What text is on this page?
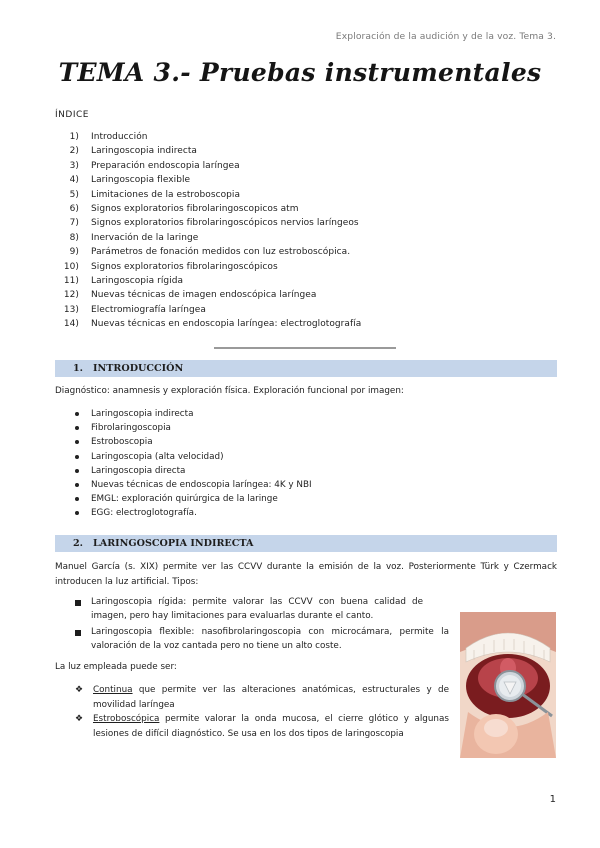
Exploración de la audición y de la voz. Tema 3.
TEMA 3.- Pruebas instrumentales
ÍNDICE
1)	Introducción
2)	Laringoscopia indirecta
3)	Preparación endoscopia laríngea
4)	Laringoscopia flexible
5)	Limitaciones de la estroboscopia
6)	Signos exploratorios fibrolaringoscopicos atm
7)	Signos exploratorios fibrolaringoscópicos nervios laríngeos
8)	Inervación de la laringe
9)	Parámetros de fonación medidos con luz estroboscópica.
10)	Signos exploratorios fibrolaringoscópicos
11)	Laringoscopia rígida
12)	Nuevas técnicas de imagen endoscópica laríngea
13)	Electromiografía laríngea
14)	Nuevas técnicas en endoscopia laríngea: electroglotografía
1.	INTRODUCCIÓN
Diagnóstico: anamnesis y exploración física. Exploración funcional por imagen:
Laringoscopia indirecta
Fibrolaringoscopia
Estroboscopia
Laringoscopia (alta velocidad)
Laringoscopia directa
Nuevas técnicas de endoscopia laríngea: 4K y NBI
EMGL: exploración quirúrgica de la laringe
EGG: electroglotografía.
2.	LARINGOSCOPIA INDIRECTA
Manuel García (s. XIX) permite ver las CCVV durante la emisión de la voz. Posteriormente Türk y Czermack introducen la luz artificial. Tipos:
Laringoscopia rígida: permite valorar las CCVV con buena calidad de imagen, pero hay limitaciones para evaluarlas durante el canto.
Laringoscopia flexible: nasofibrolaringoscopia con microcámara, permite la valoración de la voz cantada pero no tiene un alto coste.
La luz empleada puede ser:
❖	Continua que permite ver las alteraciones anatómicas, estructurales y de movilidad laríngea
❖	Estroboscópica permite valorar la onda mucosa, el cierre glótico y algunas lesiones de difícil diagnóstico. Se usa en los dos tipos de laringoscopia
1
